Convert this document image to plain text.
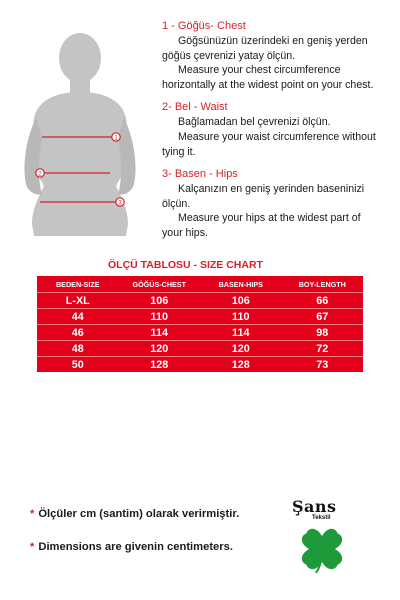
1
2
3
1 - Göğüs- Chest
Göğsünüzün üzerindeki en geniş yerden
göğüs çevrenizi yatay ölçün.
Measure your chest circumference
horizontally at the widest point on your chest.
2- Bel - Waist
Bağlamadan bel çevrenizi ölçün.
Measure your waist circumference without
tying it.
3- Basen - Hips
Kalçanızın en geniş yerinden baseninizi
ölçün.
Measure your hips at the widest part of
your hips.
ÖLÇÜ TABLOSU - SIZE CHART
BEDEN-SIZE	GÖĞÜS-CHEST	BASEN-HIPS	BOY-LENGTH
L-XL	106	106	66
44	110	110	67
46	114	114	98
48	120	120	72
50	128	128	73
* Ölçüler cm (santim) olarak verirmiştir.
* Dimensions are givenin centimeters.
Şans
Tekstil
